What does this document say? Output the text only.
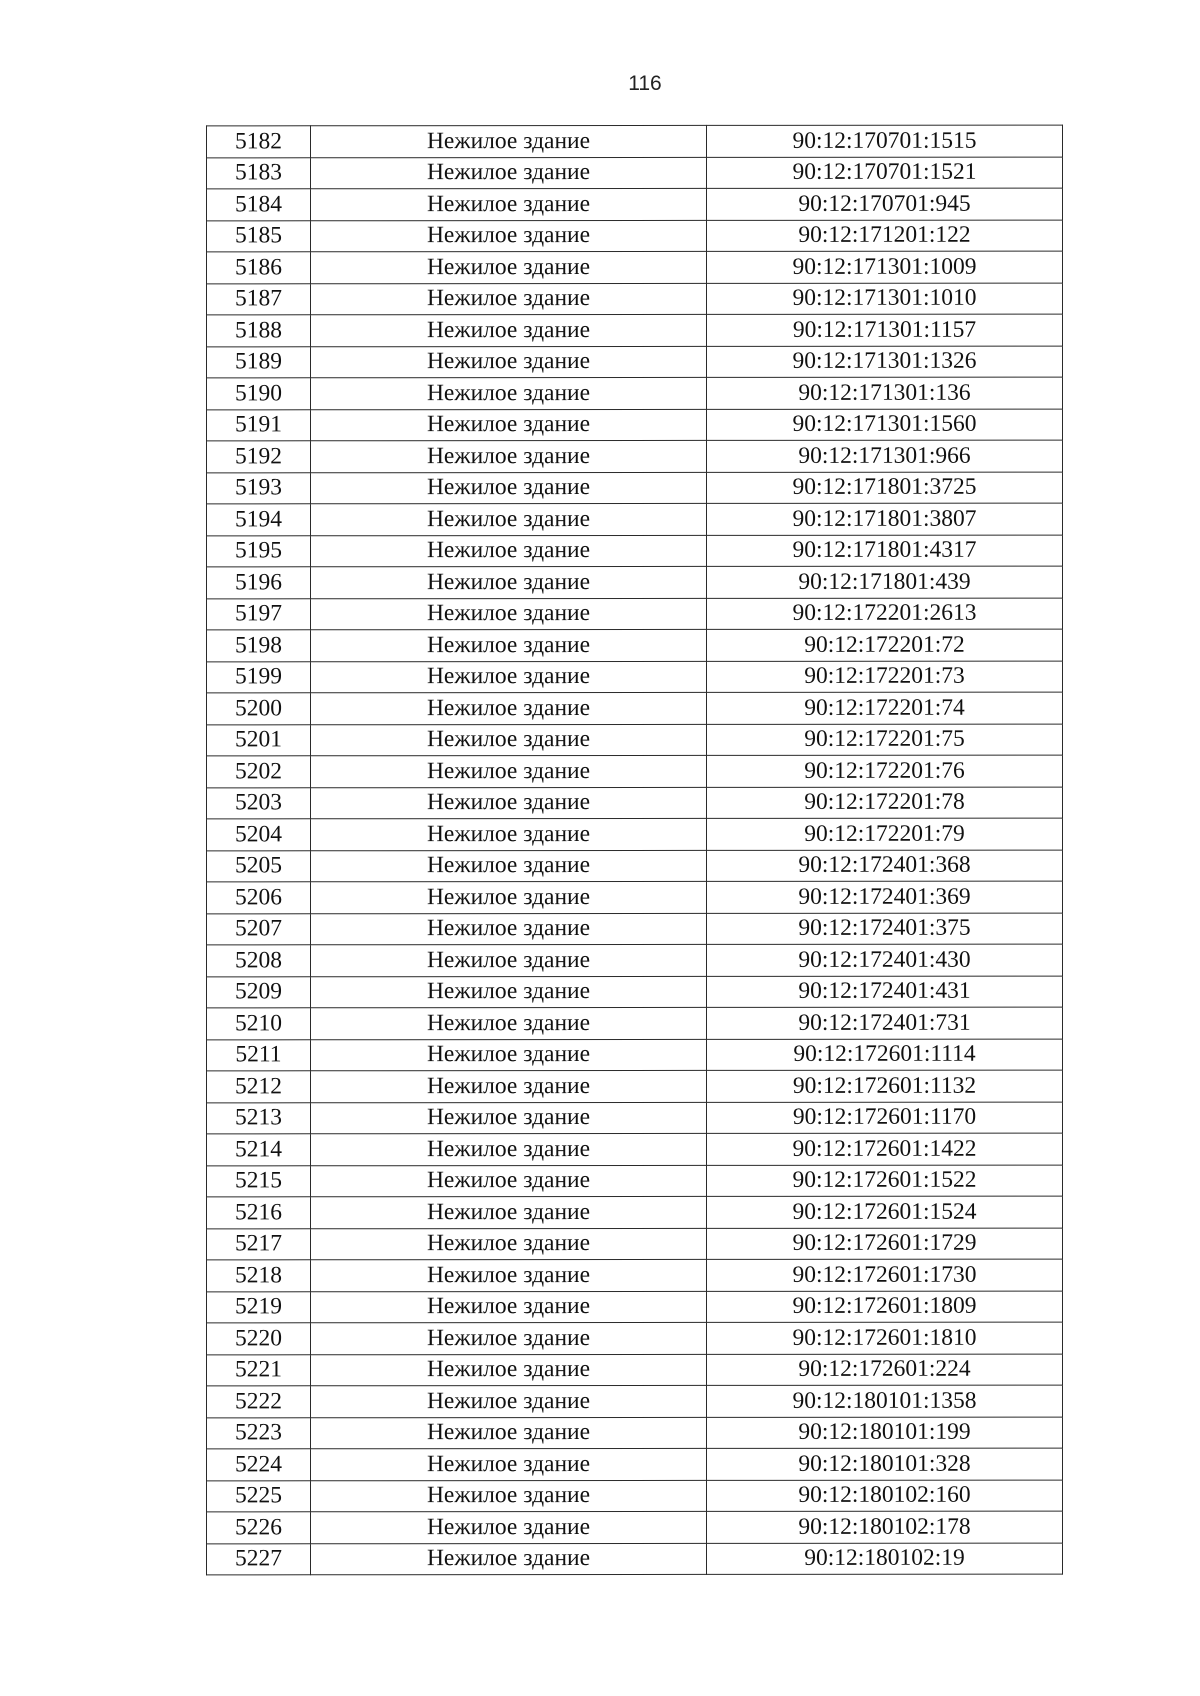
116
5182	Нежилое здание	90:12:170701:1515
5183	Нежилое здание	90:12:170701:1521
5184	Нежилое здание	90:12:170701:945
5185	Нежилое здание	90:12:171201:122
5186	Нежилое здание	90:12:171301:1009
5187	Нежилое здание	90:12:171301:1010
5188	Нежилое здание	90:12:171301:1157
5189	Нежилое здание	90:12:171301:1326
5190	Нежилое здание	90:12:171301:136
5191	Нежилое здание	90:12:171301:1560
5192	Нежилое здание	90:12:171301:966
5193	Нежилое здание	90:12:171801:3725
5194	Нежилое здание	90:12:171801:3807
5195	Нежилое здание	90:12:171801:4317
5196	Нежилое здание	90:12:171801:439
5197	Нежилое здание	90:12:172201:2613
5198	Нежилое здание	90:12:172201:72
5199	Нежилое здание	90:12:172201:73
5200	Нежилое здание	90:12:172201:74
5201	Нежилое здание	90:12:172201:75
5202	Нежилое здание	90:12:172201:76
5203	Нежилое здание	90:12:172201:78
5204	Нежилое здание	90:12:172201:79
5205	Нежилое здание	90:12:172401:368
5206	Нежилое здание	90:12:172401:369
5207	Нежилое здание	90:12:172401:375
5208	Нежилое здание	90:12:172401:430
5209	Нежилое здание	90:12:172401:431
5210	Нежилое здание	90:12:172401:731
5211	Нежилое здание	90:12:172601:1114
5212	Нежилое здание	90:12:172601:1132
5213	Нежилое здание	90:12:172601:1170
5214	Нежилое здание	90:12:172601:1422
5215	Нежилое здание	90:12:172601:1522
5216	Нежилое здание	90:12:172601:1524
5217	Нежилое здание	90:12:172601:1729
5218	Нежилое здание	90:12:172601:1730
5219	Нежилое здание	90:12:172601:1809
5220	Нежилое здание	90:12:172601:1810
5221	Нежилое здание	90:12:172601:224
5222	Нежилое здание	90:12:180101:1358
5223	Нежилое здание	90:12:180101:199
5224	Нежилое здание	90:12:180101:328
5225	Нежилое здание	90:12:180102:160
5226	Нежилое здание	90:12:180102:178
5227	Нежилое здание	90:12:180102:19
